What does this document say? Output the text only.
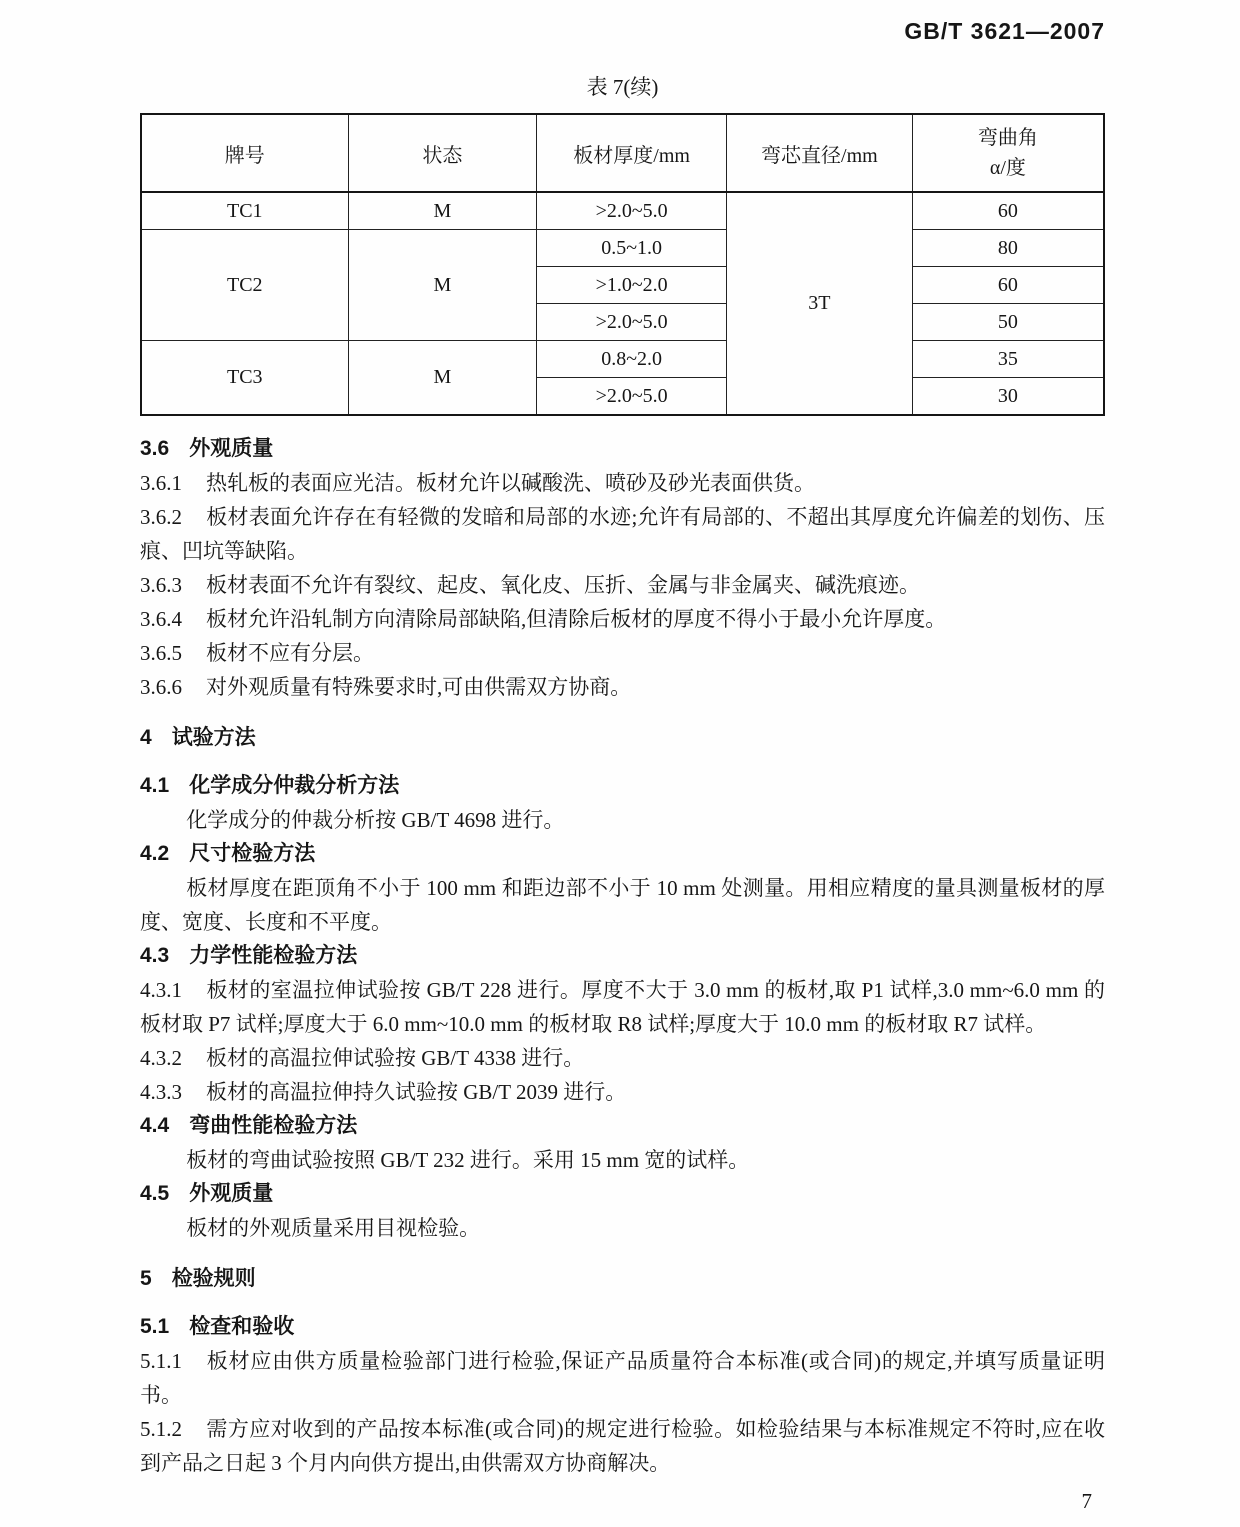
GB/T 3621—2007
表 7(续)
牌号	状态	板材厚度/mm	弯芯直径/mm	弯曲角
α/度

TC1	M	>2.0~5.0	3T	60
TC2	M	0.5~1.0		80
		>1.0~2.0		60
		>2.0~5.0		50
TC3	M	0.8~2.0		35
		>2.0~5.0		30

3.6 外观质量

3.6.1 热轧板的表面应光洁。板材允许以碱酸洗、喷砂及砂光表面供货。

3.6.2 板材表面允许存在有轻微的发暗和局部的水迹;允许有局部的、不超出其厚度允许偏差的划伤、压痕、凹坑等缺陷。

3.6.3 板材表面不允许有裂纹、起皮、氧化皮、压折、金属与非金属夹、碱洗痕迹。

3.6.4 板材允许沿轧制方向清除局部缺陷,但清除后板材的厚度不得小于最小允许厚度。

3.6.5 板材不应有分层。

3.6.6 对外观质量有特殊要求时,可由供需双方协商。

4 试验方法

4.1 化学成分仲裁分析方法

化学成分的仲裁分析按 GB/T 4698 进行。

4.2 尺寸检验方法

板材厚度在距顶角不小于 100 mm 和距边部不小于 10 mm 处测量。用相应精度的量具测量板材的厚度、宽度、长度和不平度。

4.3 力学性能检验方法

4.3.1 板材的室温拉伸试验按 GB/T 228 进行。厚度不大于 3.0 mm 的板材,取 P1 试样,3.0 mm~6.0 mm 的板材取 P7 试样;厚度大于 6.0 mm~10.0 mm 的板材取 R8 试样;厚度大于 10.0 mm 的板材取 R7 试样。

4.3.2 板材的高温拉伸试验按 GB/T 4338 进行。

4.3.3 板材的高温拉伸持久试验按 GB/T 2039 进行。

4.4 弯曲性能检验方法

板材的弯曲试验按照 GB/T 232 进行。采用 15 mm 宽的试样。

4.5 外观质量

板材的外观质量采用目视检验。

5 检验规则

5.1 检查和验收

5.1.1 板材应由供方质量检验部门进行检验,保证产品质量符合本标准(或合同)的规定,并填写质量证明书。

5.1.2 需方应对收到的产品按本标准(或合同)的规定进行检验。如检验结果与本标准规定不符时,应在收到产品之日起 3 个月内向供方提出,由供需双方协商解决。

7
